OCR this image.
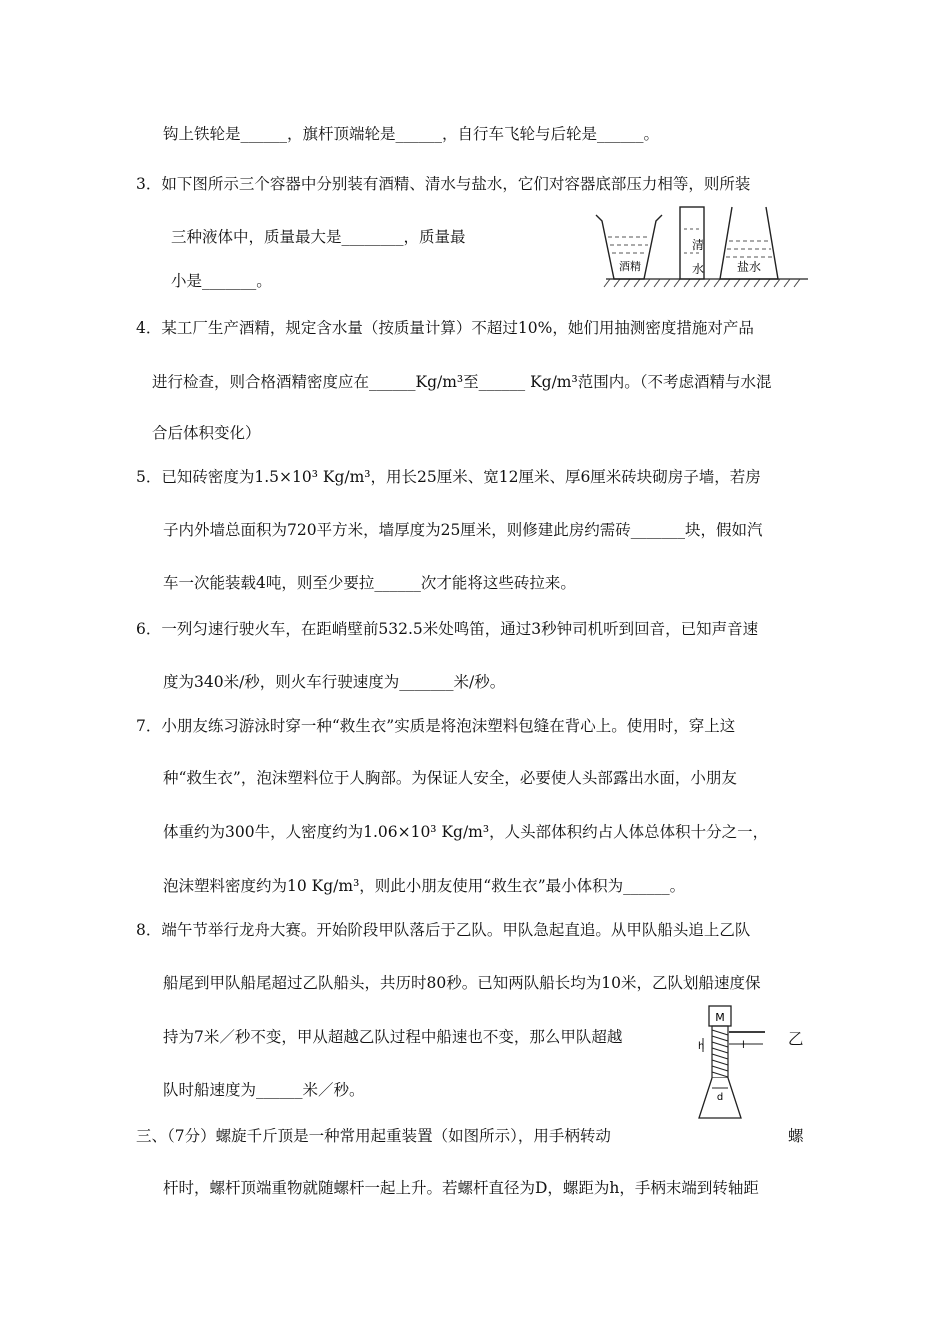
钩上铁轮是______，旗杆顶端轮是______，自行车飞轮与后轮是______。
3．如下图所示三个容器中分别装有酒精、清水与盐水，它们对容器底部压力相等，则所装
三种液体中，质量最大是________，质量最
小是_______。
4．某工厂生产酒精，规定含水量（按质量计算）不超过10%，她们用抽测密度措施对产品
进行检查，则合格酒精密度应在______Kg/m³至______ Kg/m³范围内。（不考虑酒精与水混
合后体积变化）
5．已知砖密度为1.5×10³ Kg/m³，用长25厘米、宽12厘米、厚6厘米砖块砌房子墙，若房
子内外墙总面积为720平方米，墙厚度为25厘米，则修建此房约需砖_______块，假如汽
车一次能装载4吨，则至少要拉______次才能将这些砖拉来。
6．一列匀速行驶火车，在距峭壁前532.5米处鸣笛，通过3秒钟司机听到回音，已知声音速
度为340米/秒，则火车行驶速度为_______米/秒。
7．小朋友练习游泳时穿一种“救生衣”实质是将泡沫塑料包缝在背心上。使用时，穿上这
种“救生衣”，泡沫塑料位于人胸部。为保证人安全，必要使人头部露出水面，小朋友
体重约为300牛，人密度约为1.06×10³ Kg/m³，人头部体积约占人体总体积十分之一，
泡沫塑料密度约为10 Kg/m³，则此小朋友使用“救生衣”最小体积为______。
8．端午节举行龙舟大赛。开始阶段甲队落后于乙队。甲队急起直追。从甲队船头追上乙队
船尾到甲队船尾超过乙队船头，共历时80秒。已知两队船长均为10米，乙队划船速度保
持为7米／秒不变，甲从超越乙队过程中船速也不变，那么甲队超越	乙
队时船速度为______米／秒。
三、（7分）螺旋千斤顶是一种常用起重装置（如图所示），用手柄转动	螺
杆时，螺杆顶端重物就随螺杆一起上升。若螺杆直径为D，螺距为h，手柄末端到转轴距
酒精
清
水	盐水
M
h	l
d
